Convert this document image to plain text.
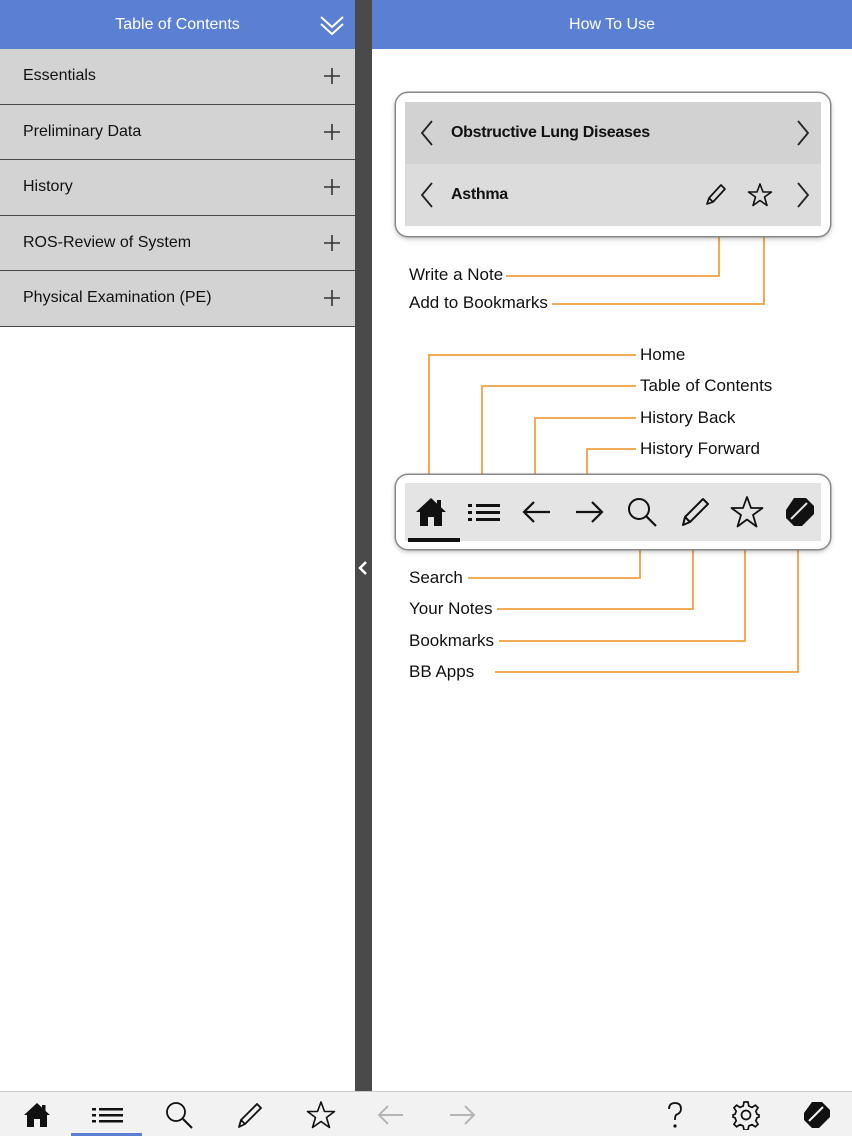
Table of Contents
Essentials
Preliminary Data
History
ROS-Review of System
Physical Examination (PE)
How To Use
Obstructive Lung Diseases
Asthma
Write a Note
Add to Bookmarks
Home
Table of Contents
History Back
History Forward
Search
Your Notes
Bookmarks
BB Apps
